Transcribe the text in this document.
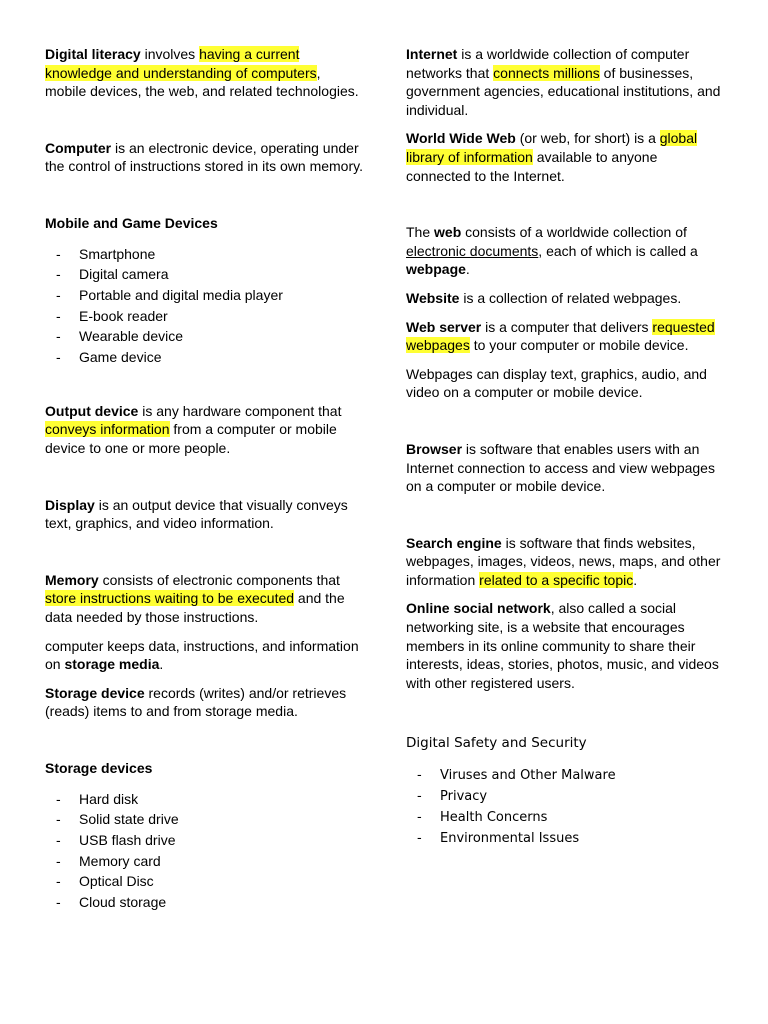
Digital literacy involves having a current knowledge and understanding of computers, mobile devices, the web, and related technologies.

Computer is an electronic device, operating under the control of instructions stored in its own memory.

Mobile and Game Devices

- Smartphone
- Digital camera
- Portable and digital media player
- E-book reader
- Wearable device
- Game device

Output device is any hardware component that conveys information from a computer or mobile device to one or more people.

Display is an output device that visually conveys text, graphics, and video information.

Memory consists of electronic components that store instructions waiting to be executed and the data needed by those instructions.

computer keeps data, instructions, and information on storage media.

Storage device records (writes) and/or retrieves (reads) items to and from storage media.

Storage devices

- Hard disk
- Solid state drive
- USB flash drive
- Memory card
- Optical Disc
- Cloud storage

Internet is a worldwide collection of computer networks that connects millions of businesses, government agencies, educational institutions, and individual.

World Wide Web (or web, for short) is a global library of information available to anyone connected to the Internet.

The web consists of a worldwide collection of electronic documents, each of which is called a webpage.

Website is a collection of related webpages.

Web server is a computer that delivers requested webpages to your computer or mobile device.

Webpages can display text, graphics, audio, and video on a computer or mobile device.

Browser is software that enables users with an Internet connection to access and view webpages on a computer or mobile device.

Search engine is software that finds websites, webpages, images, videos, news, maps, and other information related to a specific topic.

Online social network, also called a social networking site, is a website that encourages members in its online community to share their interests, ideas, stories, photos, music, and videos with other registered users.

Digital Safety and Security

- Viruses and Other Malware
- Privacy
- Health Concerns
- Environmental Issues
